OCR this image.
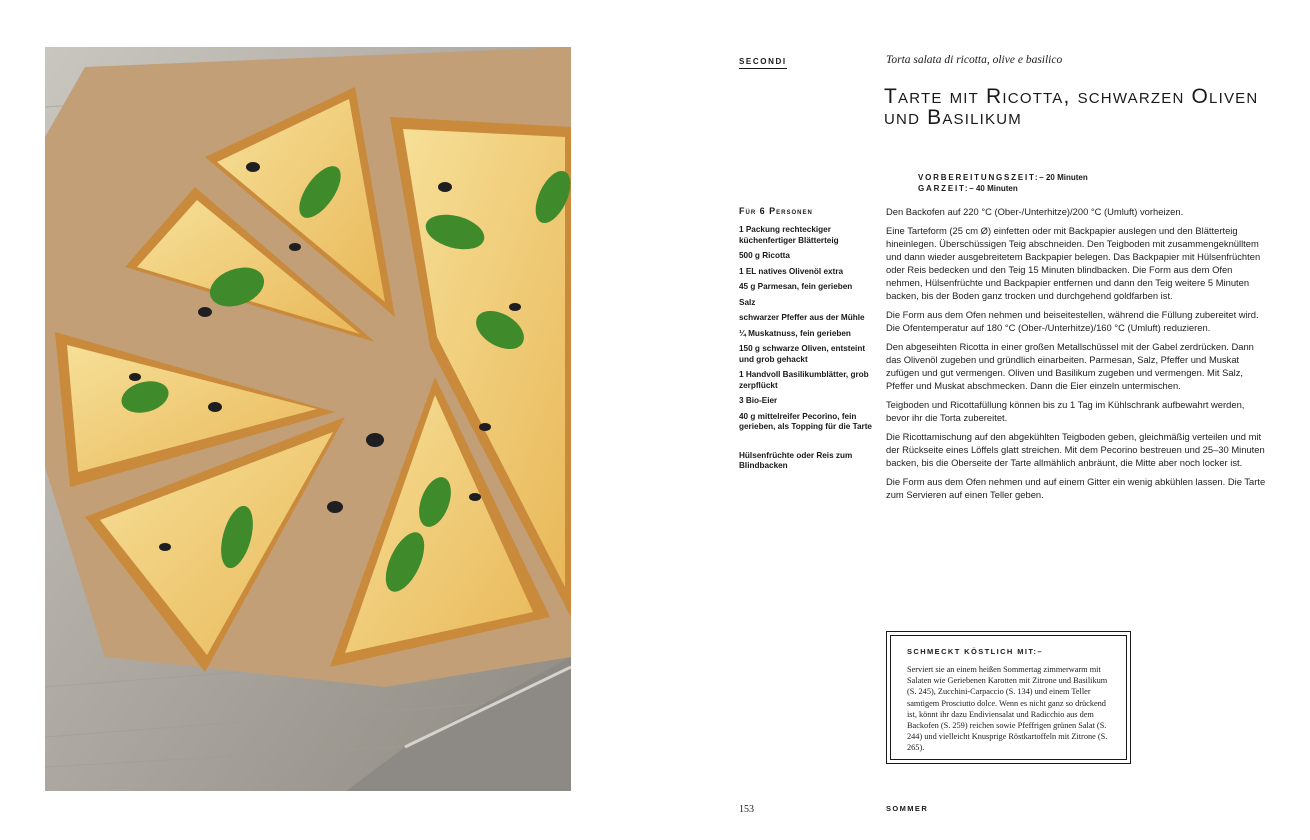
SECONDI	Torta salata di ricotta, olive e basilico
Tarte mit Ricotta, schwarzen Oliven und Basilikum
VORBEREITUNGSZEIT:– 20 Minuten
GARZEIT:– 40 Minuten
Für 6 Personen
1 Packung rechteckiger küchenfertiger Blätterteig
500 g Ricotta
1 EL natives Olivenöl extra
45 g Parmesan, fein gerieben
Salz
schwarzer Pfeffer aus der Mühle
¼ Muskatnuss, fein gerieben
150 g schwarze Oliven, entsteint und grob gehackt
1 Handvoll Basilikumblätter, grob zerpflückt
3 Bio-Eier
40 g mittelreifer Pecorino, fein gerieben, als Topping für die Tarte
Hülsenfrüchte oder Reis zum Blindbacken

Den Backofen auf 220 °C (Ober-/Unterhitze)/200 °C (Umluft) vorheizen.

Eine Tarteform (25 cm Ø) einfetten oder mit Backpapier auslegen und den Blätterteig hineinlegen. Überschüssigen Teig abschneiden. Den Teigboden mit zusammengeknülltem und dann wieder ausgebreitetem Backpapier belegen. Das Backpapier mit Hülsenfrüchten oder Reis bedecken und den Teig 15 Minuten blindbacken. Die Form aus dem Ofen nehmen, Hülsenfrüchte und Backpapier entfernen und dann den Teig weitere 5 Minuten backen, bis der Boden ganz trocken und durchgehend goldfarben ist.

Die Form aus dem Ofen nehmen und beiseitestellen, während die Füllung zubereitet wird. Die Ofentemperatur auf 180 °C (Ober-/Unterhitze)/160 °C (Umluft) reduzieren.

Den abgeseihten Ricotta in einer großen Metallschüssel mit der Gabel zerdrücken. Dann das Olivenöl zugeben und gründlich einarbeiten. Parmesan, Salz, Pfeffer und Muskat zufügen und gut vermengen. Oliven und Basilikum zugeben und vermengen. Mit Salz, Pfeffer und Muskat abschmecken. Dann die Eier einzeln untermischen.

Teigboden und Ricottafüllung können bis zu 1 Tag im Kühlschrank aufbewahrt werden, bevor ihr die Torta zubereitet.

Die Ricottamischung auf den abgekühlten Teigboden geben, gleichmäßig verteilen und mit der Rückseite eines Löffels glatt streichen. Mit dem Pecorino bestreuen und 25–30 Minuten backen, bis die Oberseite der Tarte allmählich anbräunt, die Mitte aber noch locker ist.

Die Form aus dem Ofen nehmen und auf einem Gitter ein wenig abkühlen lassen. Die Tarte zum Servieren auf einen Teller geben.

SCHMECKT KÖSTLICH MIT:–
Serviert sie an einem heißen Sommertag zimmerwarm mit Salaten wie Geriebenen Karotten mit Zitrone und Basilikum (S. 245), Zucchini-Carpaccio (S. 134) und einem Teller samtigem Prosciutto dolce. Wenn es nicht ganz so drückend ist, könnt ihr dazu Endiviensalat und Radicchio aus dem Backofen (S. 259) reichen sowie Pfeffrigen grünen Salat (S. 244) und vielleicht Knusprige Röstkartoffeln mit Zitrone (S. 265).
153	SOMMER
